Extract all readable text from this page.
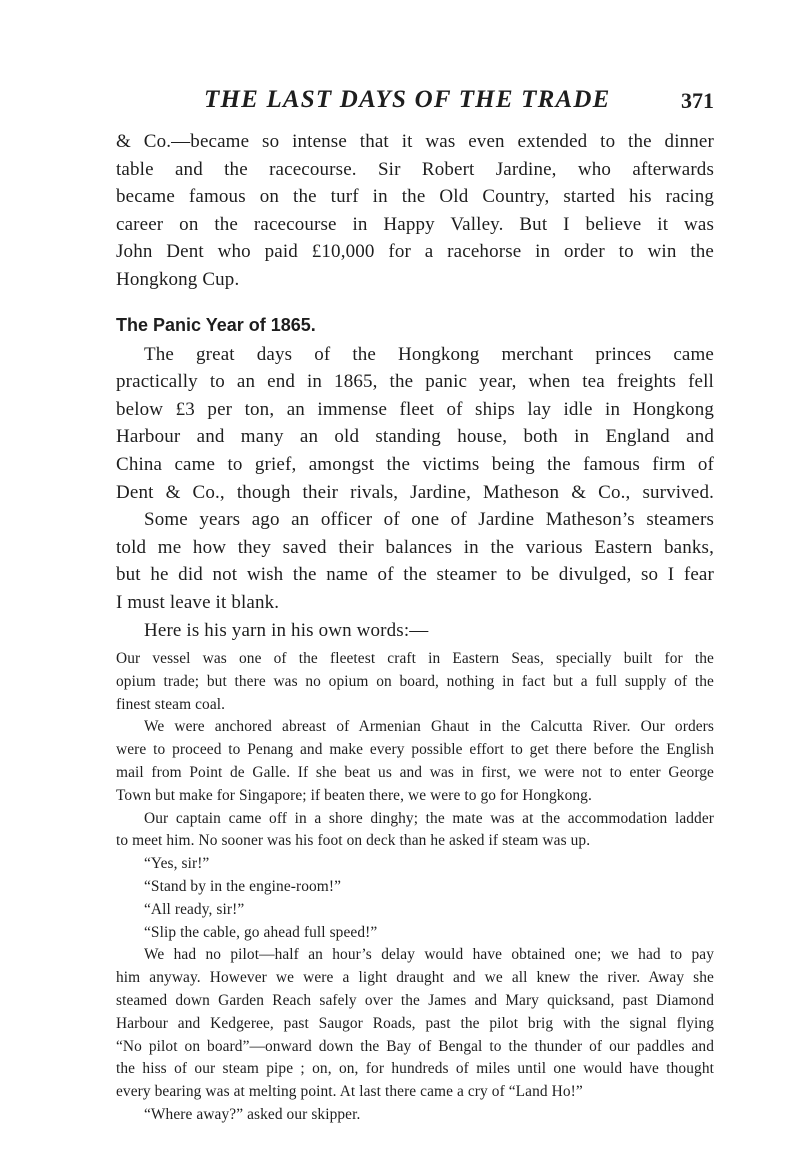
THE LAST DAYS OF THE TRADE	371
& Co.—became so intense that it was even extended to the dinner
table and the racecourse. Sir Robert Jardine, who afterwards
became famous on the turf in the Old Country, started his racing
career on the racecourse in Happy Valley. But I believe it was
John Dent who paid £10,000 for a racehorse in order to win the
Hongkong Cup.
The Panic Year of 1865.
The great days of the Hongkong merchant princes came
practically to an end in 1865, the panic year, when tea freights fell
below £3 per ton, an immense fleet of ships lay idle in Hongkong
Harbour and many an old standing house, both in England and
China came to grief, amongst the victims being the famous firm of
Dent & Co., though their rivals, Jardine, Matheson & Co., survived.
Some years ago an officer of one of Jardine Matheson’s steamers
told me how they saved their balances in the various Eastern banks,
but he did not wish the name of the steamer to be divulged, so I fear
I must leave it blank.
Here is his yarn in his own words:—
Our vessel was one of the fleetest craft in Eastern Seas, specially built for the
opium trade; but there was no opium on board, nothing in fact but a full supply of the
finest steam coal.
We were anchored abreast of Armenian Ghaut in the Calcutta River. Our orders
were to proceed to Penang and make every possible effort to get there before the English
mail from Point de Galle. If she beat us and was in first, we were not to enter George
Town but make for Singapore; if beaten there, we were to go for Hongkong.
Our captain came off in a shore dinghy; the mate was at the accommodation ladder
to meet him. No sooner was his foot on deck than he asked if steam was up.
“Yes, sir!”
“Stand by in the engine-room!”
“All ready, sir!”
“Slip the cable, go ahead full speed!”
We had no pilot—half an hour’s delay would have obtained one; we had to pay
him anyway. However we were a light draught and we all knew the river. Away she
steamed down Garden Reach safely over the James and Mary quicksand, past Diamond
Harbour and Kedgeree, past Saugor Roads, past the pilot brig with the signal flying
“No pilot on board”—onward down the Bay of Bengal to the thunder of our paddles and
the hiss of our steam pipe ; on, on, for hundreds of miles until one would have thought
every bearing was at melting point. At last there came a cry of “Land Ho!”
“Where away?” asked our skipper.
